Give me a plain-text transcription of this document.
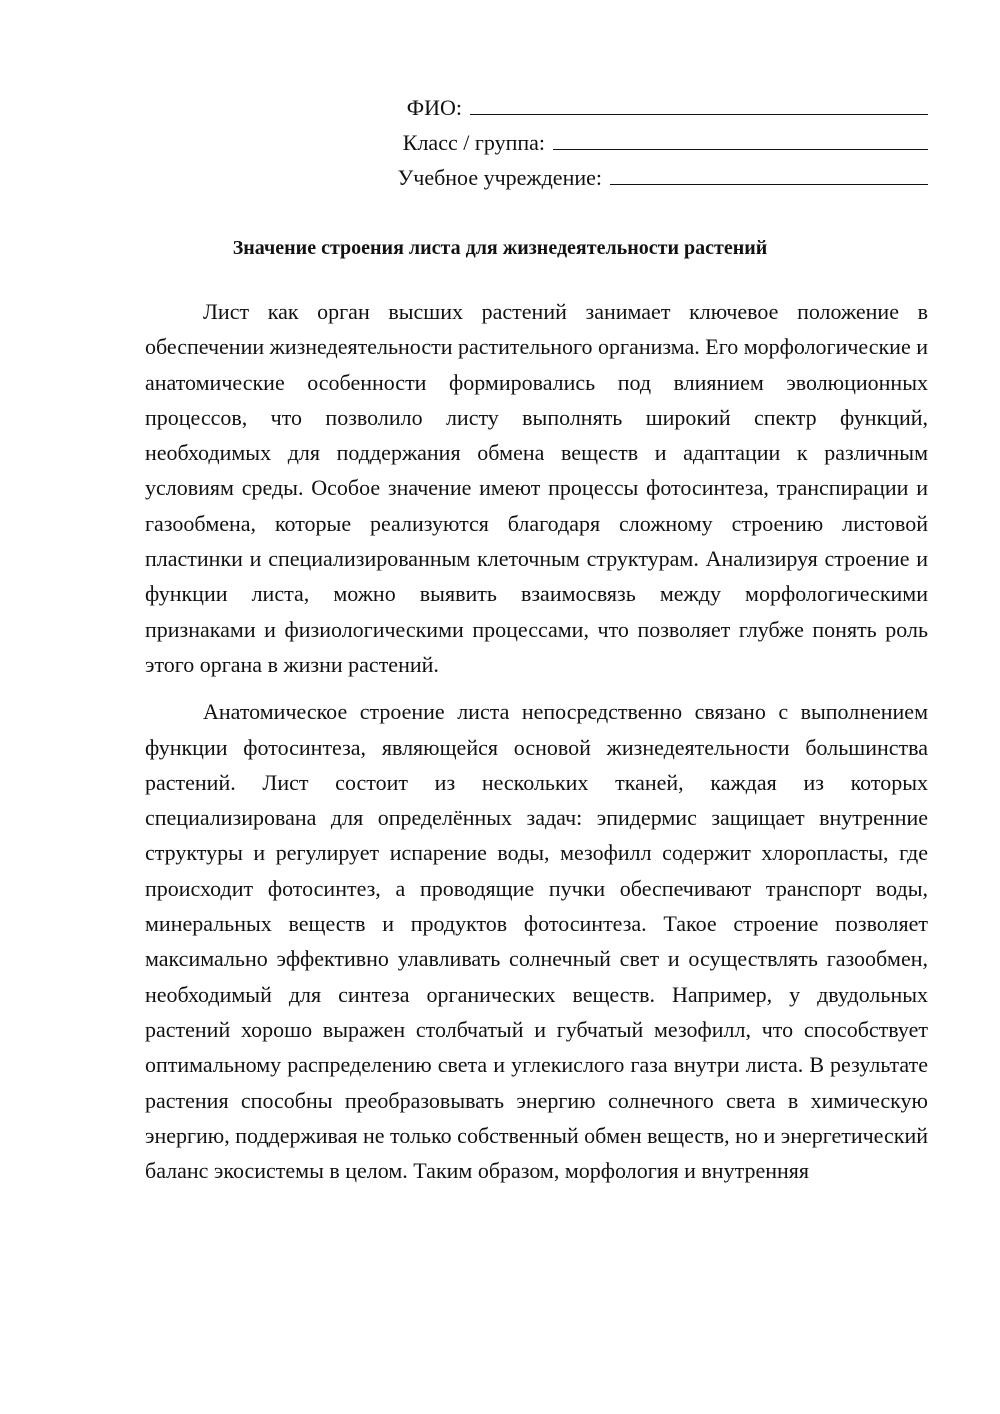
ФИО:
Класс / группа:
Учебное учреждение:
Значение строения листа для жизнедеятельности растений

Лист как орган высших растений занимает ключевое положение в обеспечении жизнедеятельности растительного организма. Его морфологические и анатомические особенности формировались под влиянием эволюционных процессов, что позволило листу выполнять широкий спектр функций, необходимых для поддержания обмена веществ и адаптации к различным условиям среды. Особое значение имеют процессы фотосинтеза, транспирации и газообмена, которые реализуются благодаря сложному строению листовой пластинки и специализированным клеточным структурам. Анализируя строение и функции листа, можно выявить взаимосвязь между морфологическими признаками и физиологическими процессами, что позволяет глубже понять роль этого органа в жизни растений.

Анатомическое строение листа непосредственно связано с выполнением функции фотосинтеза, являющейся основой жизнедеятельности большинства растений. Лист состоит из нескольких тканей, каждая из которых специализирована для определённых задач: эпидермис защищает внутренние структуры и регулирует испарение воды, мезофилл содержит хлоропласты, где происходит фотосинтез, а проводящие пучки обеспечивают транспорт воды, минеральных веществ и продуктов фотосинтеза. Такое строение позволяет максимально эффективно улавливать солнечный свет и осуществлять газообмен, необходимый для синтеза органических веществ. Например, у двудольных растений хорошо выражен столбчатый и губчатый мезофилл, что способствует оптимальному распределению света и углекислого газа внутри листа. В результате растения способны преобразовывать энергию солнечного света в химическую энергию, поддерживая не только собственный обмен веществ, но и энергетический баланс экосистемы в целом. Таким образом, морфология и внутренняя
